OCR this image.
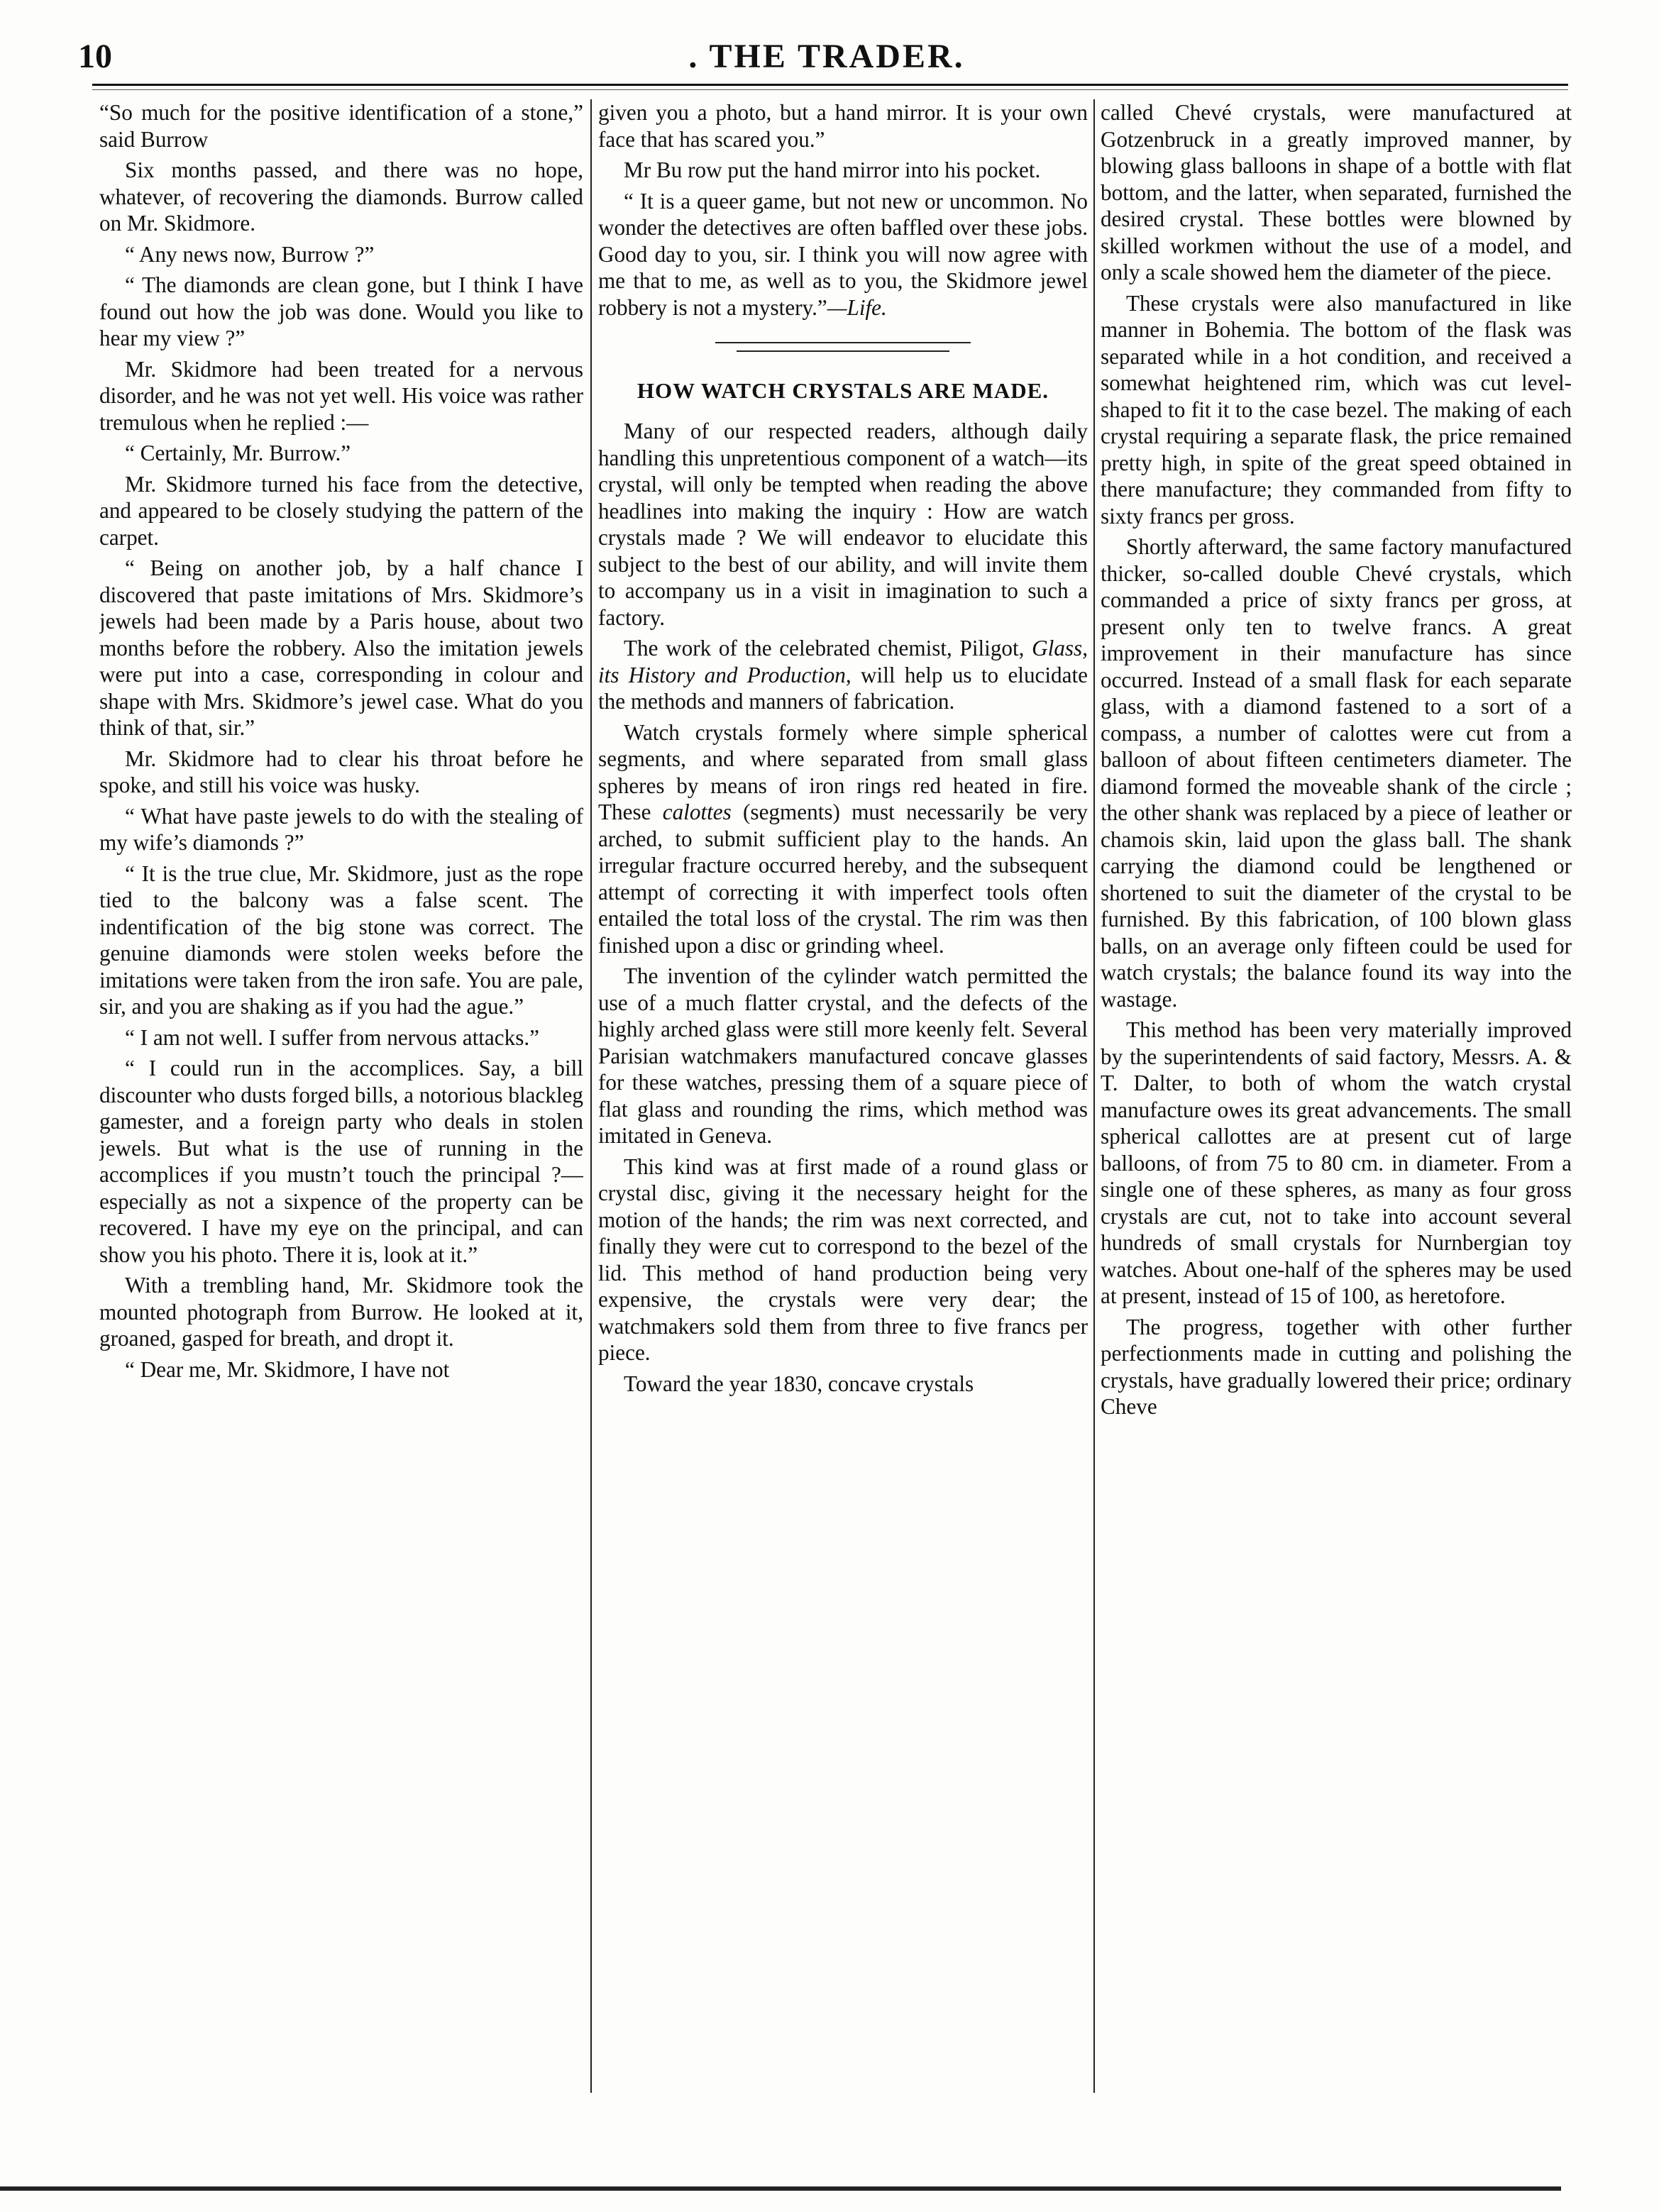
10	. THE TRADER.

“So much for the positive identification of a stone,” said Burrow

Six months passed, and there was no hope, whatever, of recovering the diamonds. Burrow called on Mr. Skidmore.

“ Any news now, Burrow ?”

“ The diamonds are clean gone, but I think I have found out how the job was done. Would you like to hear my view ?”

Mr. Skidmore had been treated for a nervous disorder, and he was not yet well. His voice was rather tremulous when he replied :—

“ Certainly, Mr. Burrow.”

Mr. Skidmore turned his face from the detective, and appeared to be closely studying the pattern of the carpet.

“ Being on another job, by a half chance I discovered that paste imitations of Mrs. Skidmore’s jewels had been made by a Paris house, about two months before the robbery. Also the imitation jewels were put into a case, corresponding in colour and shape with Mrs. Skidmore’s jewel case. What do you think of that, sir.”

Mr. Skidmore had to clear his throat before he spoke, and still his voice was husky.

“ What have paste jewels to do with the stealing of my wife’s diamonds ?”

“ It is the true clue, Mr. Skidmore, just as the rope tied to the balcony was a false scent. The indentification of the big stone was correct. The genuine diamonds were stolen weeks before the imitations were taken from the iron safe. You are pale, sir, and you are shaking as if you had the ague.”

“ I am not well. I suffer from nervous attacks.”

“ I could run in the accomplices. Say, a bill discounter who dusts forged bills, a notorious blackleg gamester, and a foreign party who deals in stolen jewels. But what is the use of running in the accomplices if you mustn’t touch the principal ?—especially as not a sixpence of the property can be recovered. I have my eye on the principal, and can show you his photo. There it is, look at it.”

With a trembling hand, Mr. Skidmore took the mounted photograph from Burrow. He looked at it, groaned, gasped for breath, and dropt it.

“ Dear me, Mr. Skidmore, I have not

given you a photo, but a hand mirror. It is your own face that has scared you.”

Mr Bu row put the hand mirror into his pocket.

“ It is a queer game, but not new or uncommon. No wonder the detectives are often baffled over these jobs. Good day to you, sir. I think you will now agree with me that to me, as well as to you, the Skidmore jewel robbery is not a mystery.”—Life.

HOW WATCH CRYSTALS ARE MADE.

Many of our respected readers, although daily handling this unpretentious component of a watch—its crystal, will only be tempted when reading the above headlines into making the inquiry : How are watch crystals made ? We will endeavor to elucidate this subject to the best of our ability, and will invite them to accompany us in a visit in imagination to such a factory.

The work of the celebrated chemist, Piligot, Glass, its History and Production, will help us to elucidate the methods and manners of fabrication.

Watch crystals formely where simple spherical segments, and where separated from small glass spheres by means of iron rings red heated in fire. These calottes (segments) must necessarily be very arched, to submit sufficient play to the hands. An irregular fracture occurred hereby, and the subsequent attempt of correcting it with imperfect tools often entailed the total loss of the crystal. The rim was then finished upon a disc or grinding wheel.

The invention of the cylinder watch permitted the use of a much flatter crystal, and the defects of the highly arched glass were still more keenly felt. Several Parisian watchmakers manufactured concave glasses for these watches, pressing them of a square piece of flat glass and rounding the rims, which method was imitated in Geneva.

This kind was at first made of a round glass or crystal disc, giving it the necessary height for the motion of the hands; the rim was next corrected, and finally they were cut to correspond to the bezel of the lid. This method of hand production being very expensive, the crystals were very dear; the watchmakers sold them from three to five francs per piece.

Toward the year 1830, concave crystals

called Chevé crystals, were manufactured at Gotzenbruck in a greatly improved manner, by blowing glass balloons in shape of a bottle with flat bottom, and the latter, when separated, furnished the desired crystal. These bottles were blowned by skilled workmen without the use of a model, and only a scale showed hem the diameter of the piece.

These crystals were also manufactured in like manner in Bohemia. The bottom of the flask was separated while in a hot condition, and received a somewhat heightened rim, which was cut level-shaped to fit it to the case bezel. The making of each crystal requiring a separate flask, the price remained pretty high, in spite of the great speed obtained in there manufacture; they commanded from fifty to sixty francs per gross.

Shortly afterward, the same factory manufactured thicker, so-called double Chevé crystals, which commanded a price of sixty francs per gross, at present only ten to twelve francs. A great improvement in their manufacture has since occurred. Instead of a small flask for each separate glass, with a diamond fastened to a sort of a compass, a number of calottes were cut from a balloon of about fifteen centimeters diameter. The diamond formed the moveable shank of the circle ; the other shank was replaced by a piece of leather or chamois skin, laid upon the glass ball. The shank carrying the diamond could be lengthened or shortened to suit the diameter of the crystal to be furnished. By this fabrication, of 100 blown glass balls, on an average only fifteen could be used for watch crystals; the balance found its way into the wastage.

This method has been very materially improved by the superintendents of said factory, Messrs. A. & T. Dalter, to both of whom the watch crystal manufacture owes its great advancements. The small spherical callottes are at present cut of large balloons, of from 75 to 80 cm. in diameter. From a single one of these spheres, as many as four gross crystals are cut, not to take into account several hundreds of small crystals for Nurnbergian toy watches. About one-half of the spheres may be used at present, instead of 15 of 100, as heretofore.

The progress, together with other further perfectionments made in cutting and polishing the crystals, have gradually lowered their price; ordinary Cheve
